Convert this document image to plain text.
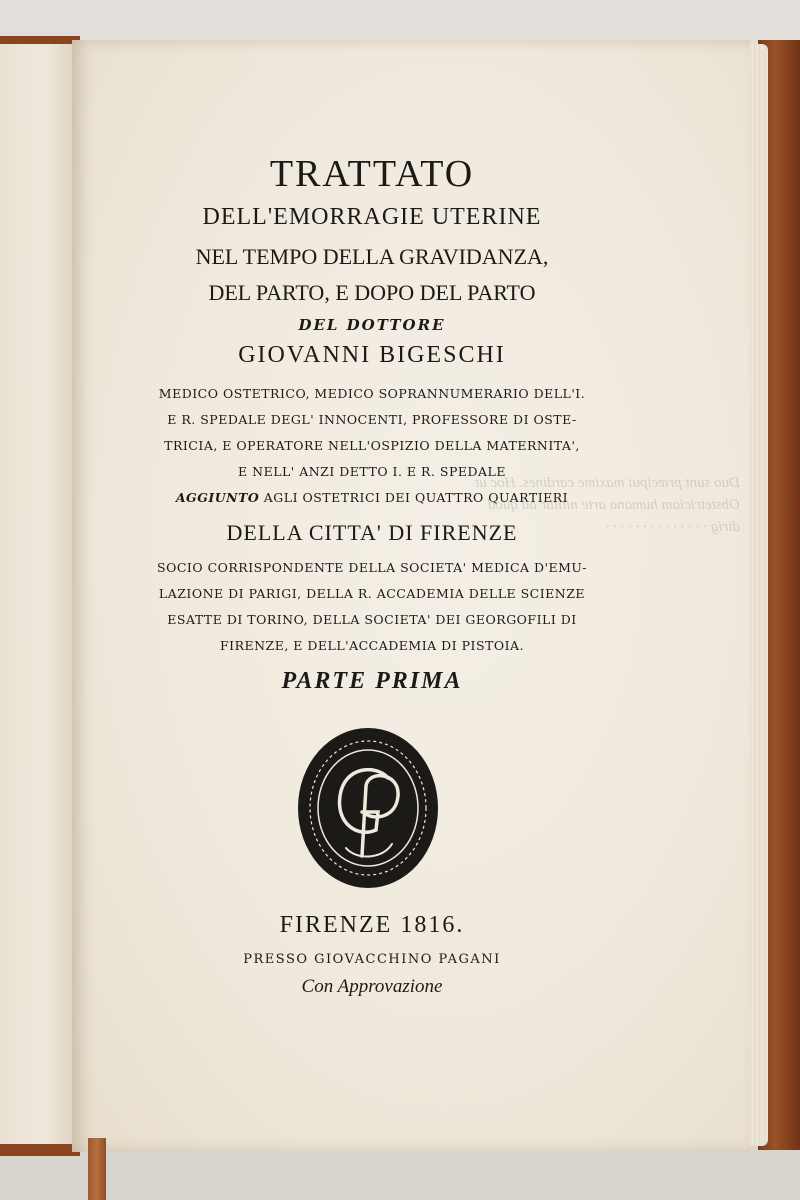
Duo sunt præcipui maxime cardines. Hoc ut
Obstetriciam humana arte nititur ad quod
dirig · · · · · · · · · · · · · ·

TRATTATO

DELL'EMORRAGIE UTERINE

NEL TEMPO DELLA GRAVIDANZA,

DEL PARTO, E DOPO DEL PARTO

DEL DOTTORE

GIOVANNI BIGESCHI

MEDICO OSTETRICO, MEDICO SOPRANNUMERARIO DELL'I.

E R. SPEDALE DEGL' INNOCENTI, PROFESSORE DI OSTE-

TRICIA, E OPERATORE NELL'OSPIZIO DELLA MATERNITA',

E NELL' ANZI DETTO I. E R. SPEDALE

AGGIUNTO AGLI OSTETRICI DEI QUATTRO QUARTIERI

DELLA CITTA' DI FIRENZE

SOCIO CORRISPONDENTE DELLA SOCIETA' MEDICA D'EMU-

LAZIONE DI PARIGI, DELLA R. ACCADEMIA DELLE SCIENZE

ESATTE DI TORINO, DELLA SOCIETA' DEI GEORGOFILI DI

FIRENZE, E DELL'ACCADEMIA DI PISTOIA.

PARTE PRIMA

FIRENZE 1816.

PRESSO GIOVACCHINO PAGANI

Con Approvazione
